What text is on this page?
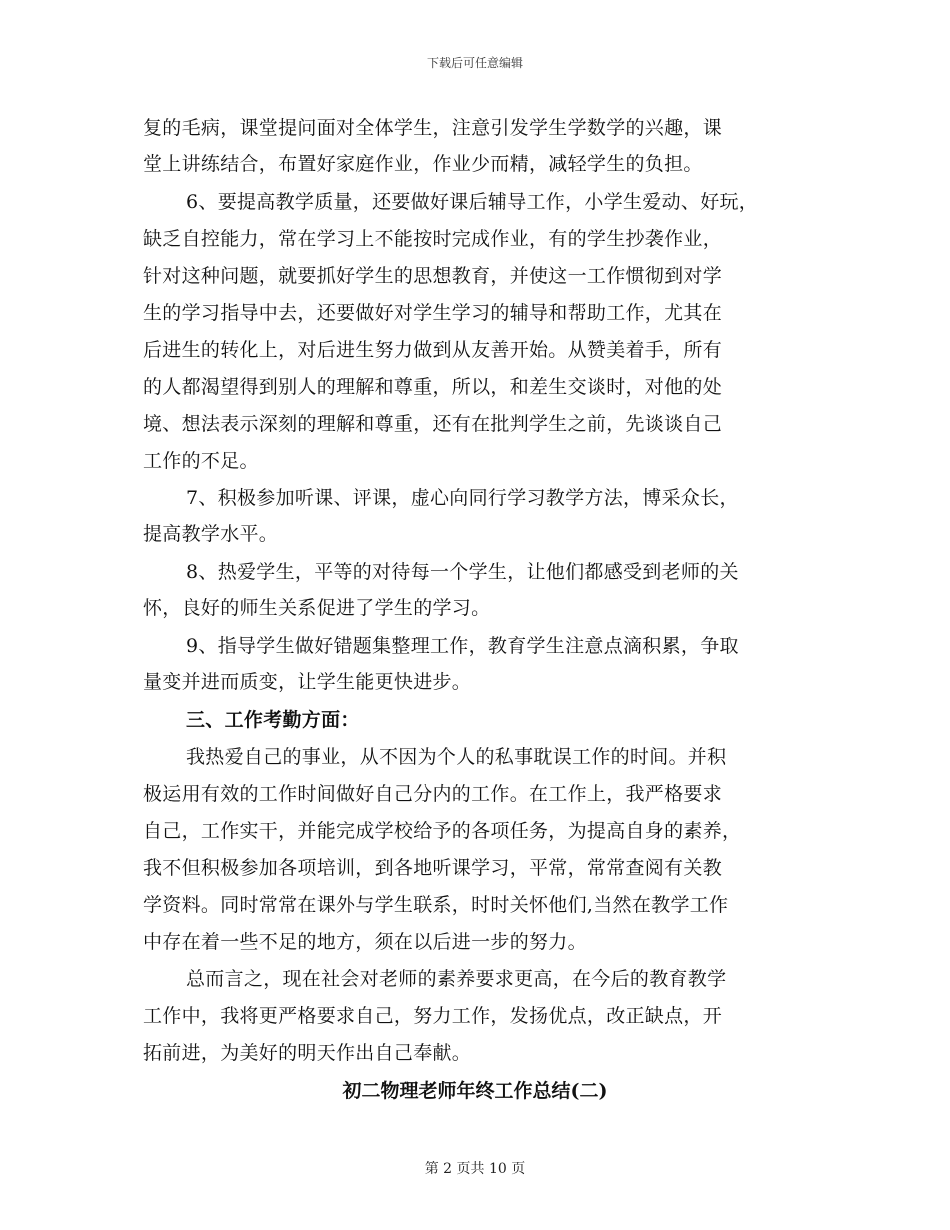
下载后可任意编辑
复的毛病，课堂提问面对全体学生，注意引发学生学数学的兴趣，课
堂上讲练结合，布置好家庭作业，作业少而精，减轻学生的负担。
6、要提高教学质量，还要做好课后辅导工作，小学生爱动、好玩，
缺乏自控能力，常在学习上不能按时完成作业，有的学生抄袭作业，
针对这种问题，就要抓好学生的思想教育，并使这一工作惯彻到对学
生的学习指导中去，还要做好对学生学习的辅导和帮助工作，尤其在
后进生的转化上，对后进生努力做到从友善开始。从赞美着手，所有
的人都渴望得到别人的理解和尊重，所以，和差生交谈时，对他的处
境、想法表示深刻的理解和尊重，还有在批判学生之前，先谈谈自己
工作的不足。
7、积极参加听课、评课，虚心向同行学习教学方法，博采众长，
提高教学水平。
8、热爱学生，平等的对待每一个学生，让他们都感受到老师的关
怀，良好的师生关系促进了学生的学习。
9、指导学生做好错题集整理工作，教育学生注意点滴积累，争取
量变并进而质变，让学生能更快进步。
三、工作考勤方面：
我热爱自己的事业，从不因为个人的私事耽误工作的时间。并积
极运用有效的工作时间做好自己分内的工作。在工作上，我严格要求
自己，工作实干，并能完成学校给予的各项任务，为提高自身的素养，
我不但积极参加各项培训，到各地听课学习，平常，常常查阅有关教
学资料。同时常常在课外与学生联系，时时关怀他们,当然在教学工作
中存在着一些不足的地方，须在以后进一步的努力。
总而言之，现在社会对老师的素养要求更高，在今后的教育教学
工作中，我将更严格要求自己，努力工作，发扬优点，改正缺点，开
拓前进，为美好的明天作出自己奉献。
初二物理老师年终工作总结(二)
第 2 页共 10 页
